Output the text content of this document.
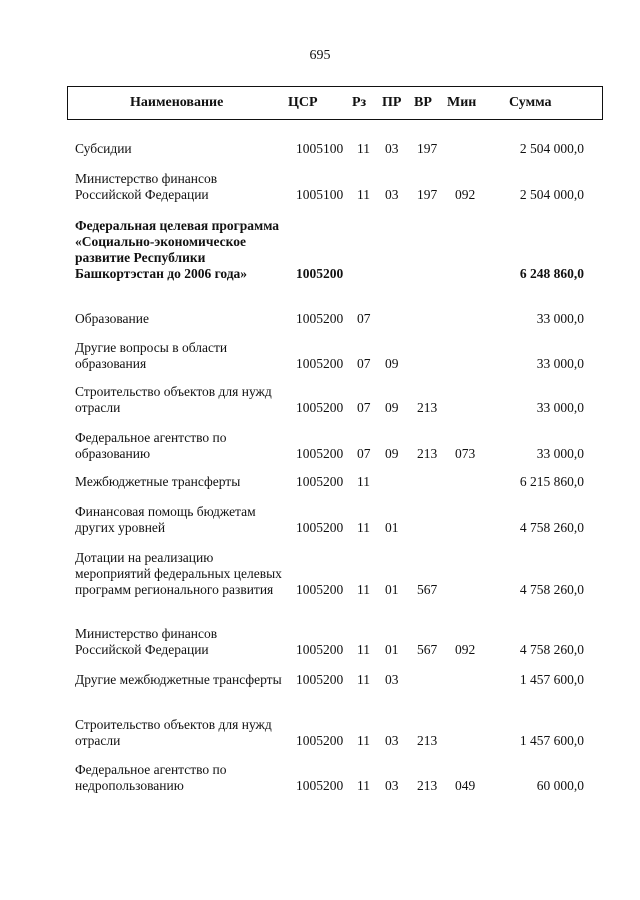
695
Наименование	ЦСР Рз ПР ВР Мин Сумма
Субсидии	1005100 11 03 197	2 504 000,0
Министерство финансов Российской Федерации	1005100 11 03 197 092	2 504 000,0
Федеральная целевая программа «Социально-экономическое развитие Республики Башкортэстан до 2006 года»	1005200	6 248 860,0
Образование	1005200 07	33 000,0
Другие вопросы в области образования	1005200 07 09	33 000,0
Строительство объектов для нужд отрасли	1005200 07 09 213	33 000,0
Федеральное агентство по образованию	1005200 07 09 213 073	33 000,0
Межбюджетные трансферты	1005200 11	6 215 860,0
Финансовая помощь бюджетам других уровней	1005200 11 01	4 758 260,0
Дотации на реализацию мероприятий федеральных целевых программ регионального развития	1005200 11 01 567	4 758 260,0
Министерство финансов Российской Федерации	1005200 11 01 567 092	4 758 260,0
Другие межбюджетные трансферты 1005200 11 03	1 457 600,0
Строительство объектов для нужд отрасли	1005200 11 03 213	1 457 600,0
Федеральное агентство по недропользованию	1005200 11 03 213 049	60 000,0
